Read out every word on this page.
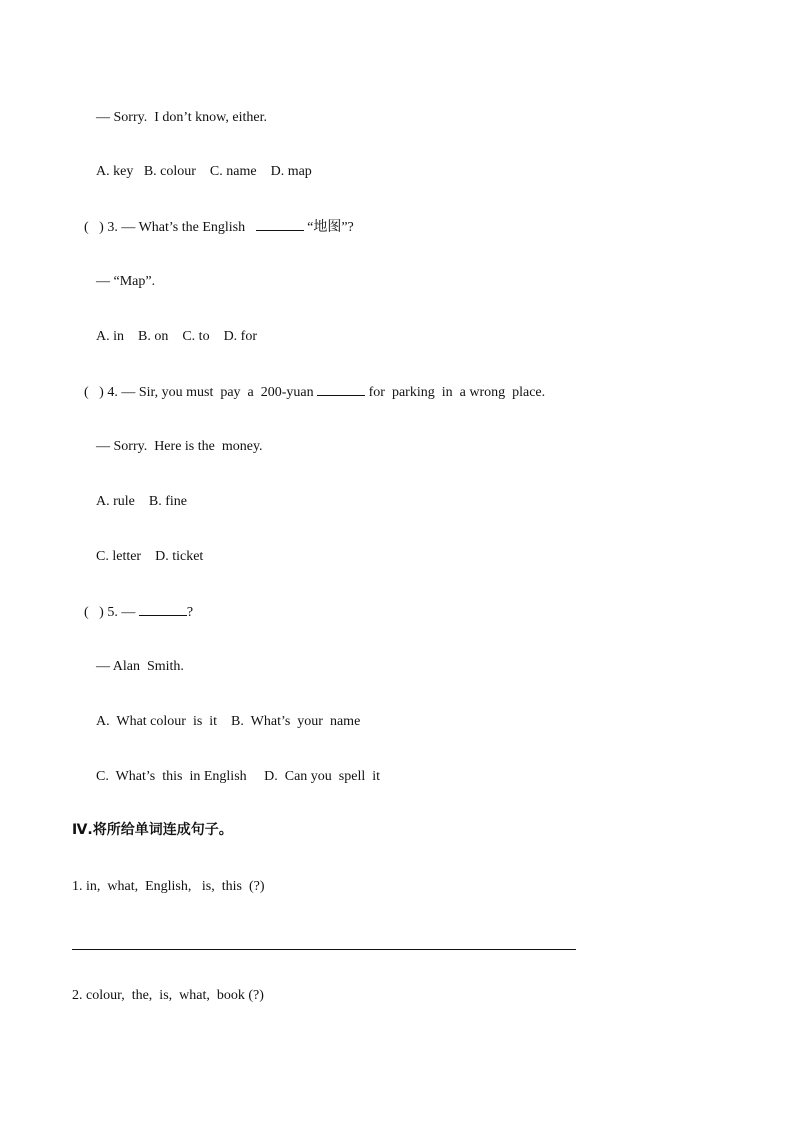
— Sorry.  I don’t know, either.
A. key   B. colour    C. name    D. map
(   ) 3. — What’s the English	“地图”?
— “Map”.
A. in    B. on    C. to    D. for
(   ) 4. — Sir, you must  pay  a  200-yuan	for  parking  in  a wrong  place.
— Sorry.  Here is the  money.
A. rule    B. fine
C. letter    D. ticket
(   ) 5. —	?
— Alan  Smith.
A.  What colour  is  it    B.  What’s  your  name
C.  What’s  this  in English     D.  Can you  spell  it
Ⅳ.将所给单词连成句子。
1. in,  what,  English,   is,  this  (?)
2. colour,  the,  is,  what,  book (?)
